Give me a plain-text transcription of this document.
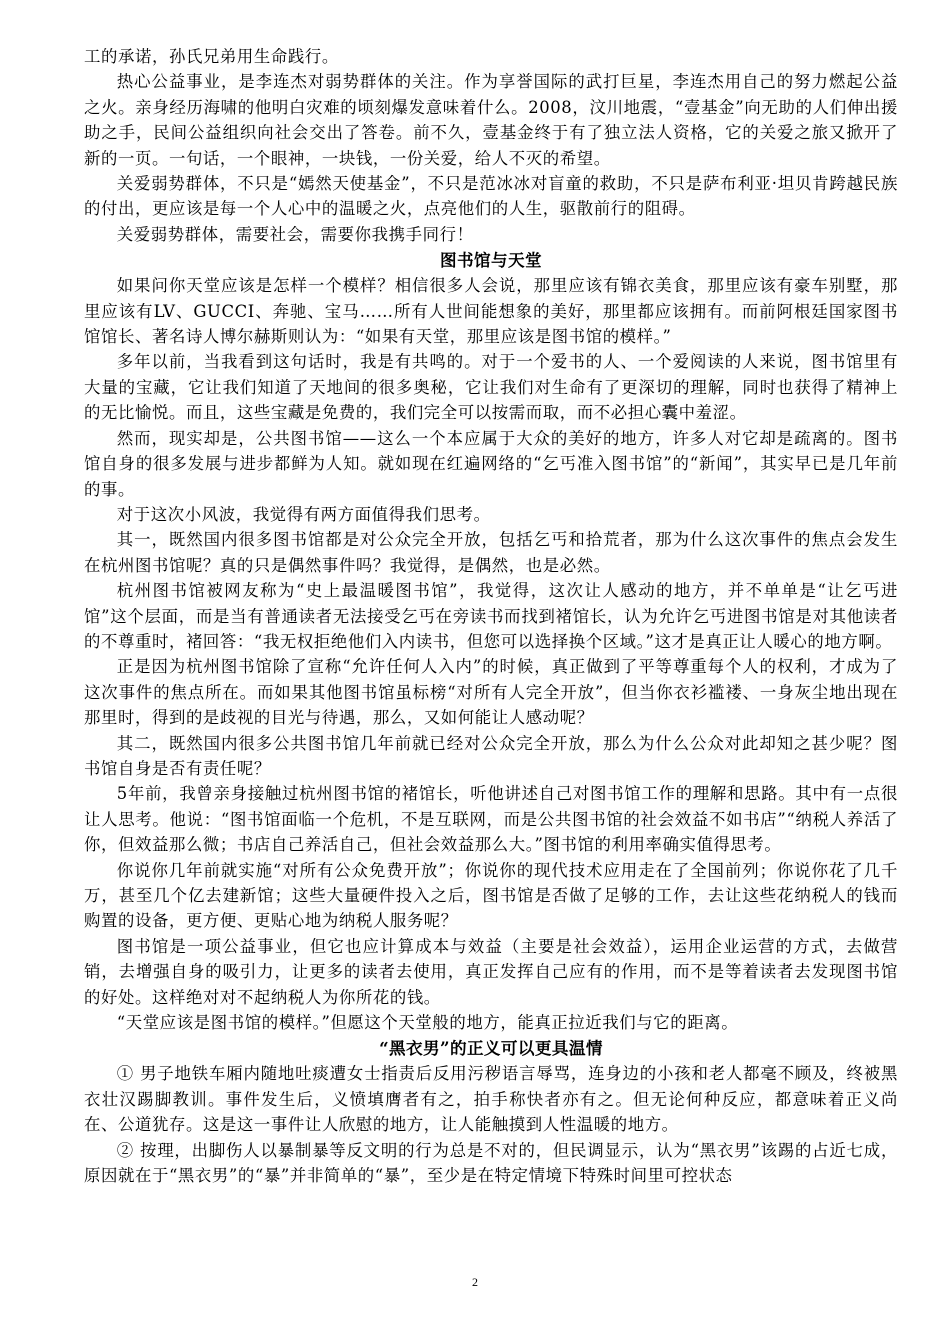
工的承诺，孙氏兄弟用生命践行。

热心公益事业，是李连杰对弱势群体的关注。作为享誉国际的武打巨星，李连杰用自己的努力燃起公益之火。亲身经历海啸的他明白灾难的顷刻爆发意味着什么。2008，汶川地震，“壹基金”向无助的人们伸出援助之手，民间公益组织向社会交出了答卷。前不久，壹基金终于有了独立法人资格，它的关爱之旅又掀开了新的一页。一句话，一个眼神，一块钱，一份关爱，给人不灭的希望。

关爱弱势群体，不只是“嫣然天使基金”，不只是范冰冰对盲童的救助，不只是萨布利亚·坦贝肯跨越民族的付出，更应该是每一个人心中的温暖之火，点亮他们的人生，驱散前行的阻碍。

关爱弱势群体，需要社会，需要你我携手同行！

图书馆与天堂

如果问你天堂应该是怎样一个模样？相信很多人会说，那里应该有锦衣美食，那里应该有豪车别墅，那里应该有LV、GUCCI、奔驰、宝马……所有人世间能想象的美好，那里都应该拥有。而前阿根廷国家图书馆馆长、著名诗人博尔赫斯则认为：“如果有天堂，那里应该是图书馆的模样。”

多年以前，当我看到这句话时，我是有共鸣的。对于一个爱书的人、一个爱阅读的人来说，图书馆里有大量的宝藏，它让我们知道了天地间的很多奥秘，它让我们对生命有了更深切的理解，同时也获得了精神上的无比愉悦。而且，这些宝藏是免费的，我们完全可以按需而取，而不必担心囊中羞涩。

然而，现实却是，公共图书馆——这么一个本应属于大众的美好的地方，许多人对它却是疏离的。图书馆自身的很多发展与进步都鲜为人知。就如现在红遍网络的“乞丐准入图书馆”的“新闻”，其实早已是几年前的事。

对于这次小风波，我觉得有两方面值得我们思考。

其一，既然国内很多图书馆都是对公众完全开放，包括乞丐和拾荒者，那为什么这次事件的焦点会发生在杭州图书馆呢？真的只是偶然事件吗？我觉得，是偶然，也是必然。

杭州图书馆被网友称为“史上最温暖图书馆”，我觉得，这次让人感动的地方，并不单单是“让乞丐进馆”这个层面，而是当有普通读者无法接受乞丐在旁读书而找到褚馆长，认为允许乞丐进图书馆是对其他读者的不尊重时，褚回答：“我无权拒绝他们入内读书，但您可以选择换个区域。”这才是真正让人暖心的地方啊。

正是因为杭州图书馆除了宣称“允许任何人入内”的时候，真正做到了平等尊重每个人的权利，才成为了这次事件的焦点所在。而如果其他图书馆虽标榜“对所有人完全开放”，但当你衣衫褴褛、一身灰尘地出现在那里时，得到的是歧视的目光与待遇，那么，又如何能让人感动呢？

其二，既然国内很多公共图书馆几年前就已经对公众完全开放，那么为什么公众对此却知之甚少呢？图书馆自身是否有责任呢？

5年前，我曾亲身接触过杭州图书馆的褚馆长，听他讲述自己对图书馆工作的理解和思路。其中有一点很让人思考。他说：“图书馆面临一个危机，不是互联网，而是公共图书馆的社会效益不如书店”“纳税人养活了你，但效益那么微；书店自己养活自己，但社会效益那么大。”图书馆的利用率确实值得思考。

你说你几年前就实施“对所有公众免费开放”；你说你的现代技术应用走在了全国前列；你说你花了几千万，甚至几个亿去建新馆；这些大量硬件投入之后，图书馆是否做了足够的工作，去让这些花纳税人的钱而购置的设备，更方便、更贴心地为纳税人服务呢？

图书馆是一项公益事业，但它也应计算成本与效益（主要是社会效益），运用企业运营的方式，去做营销，去增强自身的吸引力，让更多的读者去使用，真正发挥自己应有的作用，而不是等着读者去发现图书馆的好处。这样绝对对不起纳税人为你所花的钱。

“天堂应该是图书馆的模样。”但愿这个天堂般的地方，能真正拉近我们与它的距离。

“黑衣男”的正义可以更具温情

① 男子地铁车厢内随地吐痰遭女士指责后反用污秽语言辱骂，连身边的小孩和老人都毫不顾及，终被黑衣壮汉踢脚教训。事件发生后，义愤填膺者有之，拍手称快者亦有之。但无论何种反应，都意味着正义尚在、公道犹存。这是这一事件让人欣慰的地方，让人能触摸到人性温暖的地方。

② 按理，出脚伤人以暴制暴等反文明的行为总是不对的，但民调显示，认为“黑衣男”该踢的占近七成，原因就在于“黑衣男”的“暴”并非简单的“暴”，至少是在特定情境下特殊时间里可控状态

2
